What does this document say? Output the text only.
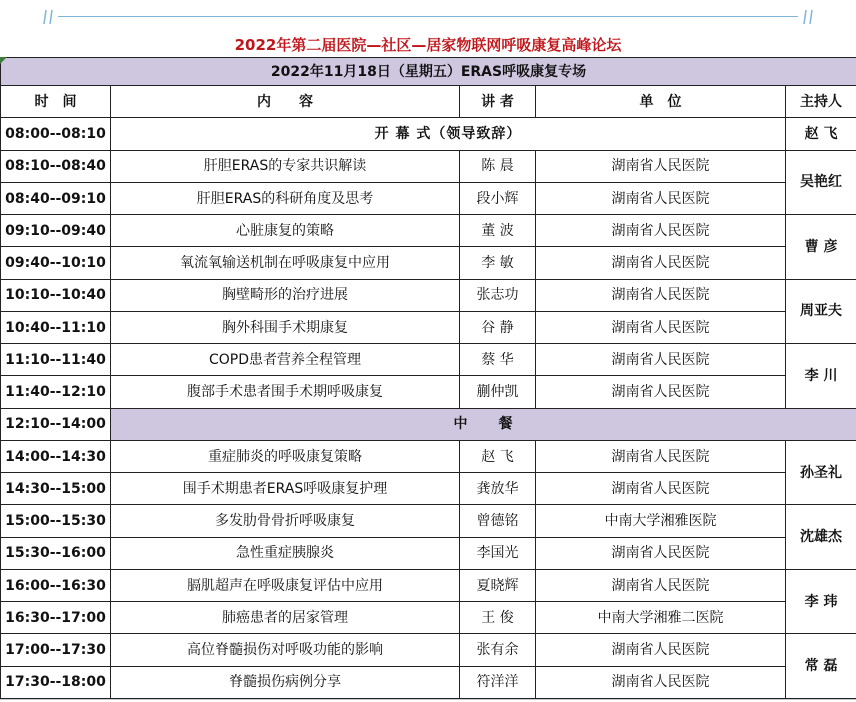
2022年第二届医院—社区—居家物联网呼吸康复高峰论坛
2022年11月18日（星期五）ERAS呼吸康复专场				
时　间	内　　容	讲 者	单　位	主持人
08:00--08:10	开 幕 式（领导致辞）			赵 飞
08:10--08:40	肝胆ERAS的专家共识解读	陈 晨	湖南省人民医院	吴艳红
08:40--09:10	肝胆ERAS的科研角度及思考	段小辉	湖南省人民医院	
09:10--09:40	心脏康复的策略	董 波	湖南省人民医院	曹 彦
09:40--10:10	氧流氧输送机制在呼吸康复中应用	李 敏	湖南省人民医院	
10:10--10:40	胸壁畸形的治疗进展	张志功	湖南省人民医院	周亚夫
10:40--11:10	胸外科围手术期康复	谷 静	湖南省人民医院	
11:10--11:40	COPD患者营养全程管理	蔡 华	湖南省人民医院	李 川
11:40--12:10	腹部手术患者围手术期呼吸康复	蒯仲凯	湖南省人民医院	
12:10--14:00	中　　餐			
14:00--14:30	重症肺炎的呼吸康复策略	赵 飞	湖南省人民医院	孙圣礼
14:30--15:00	围手术期患者ERAS呼吸康复护理	龚放华	湖南省人民医院	
15:00--15:30	多发肋骨骨折呼吸康复	曾德铭	中南大学湘雅医院	沈雄杰
15:30--16:00	急性重症胰腺炎	李国光	湖南省人民医院	
16:00--16:30	膈肌超声在呼吸康复评估中应用	夏晓辉	湖南省人民医院	李 玮
16:30--17:00	肺癌患者的居家管理	王 俊	中南大学湘雅二医院	
17:00--17:30	高位脊髓损伤对呼吸功能的影响	张有余	湖南省人民医院	常 磊
17:30--18:00	脊髓损伤病例分享	符洋洋	湖南省人民医院	
